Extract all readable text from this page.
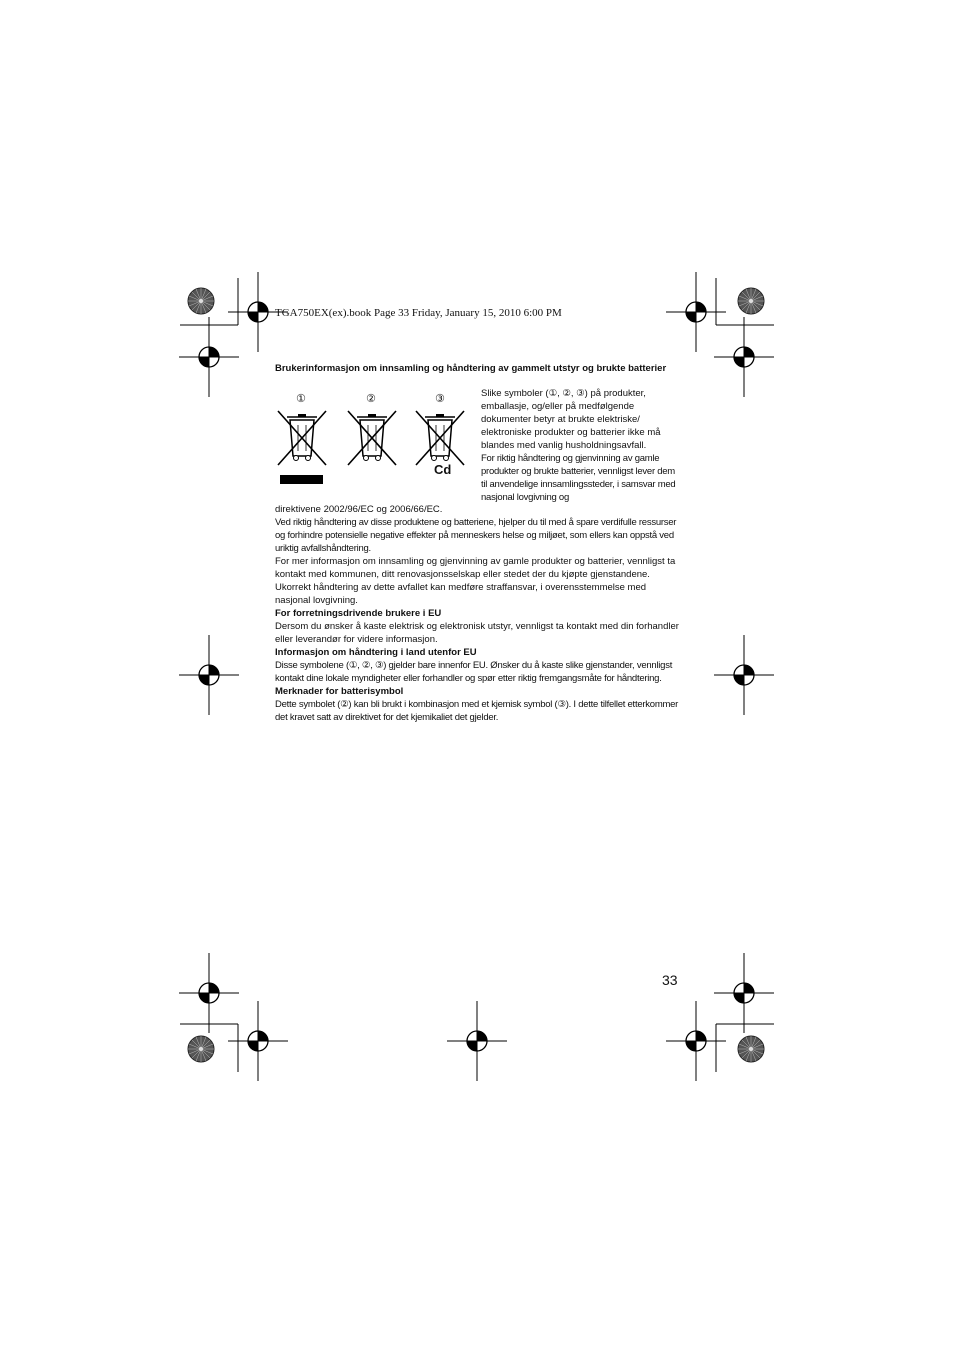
TGA750EX(ex).book Page 33 Friday, January 15, 2010 6:00 PM
Brukerinformasjon om innsamling og håndtering av gammelt utstyr og brukte batterier
①	②	③
Cd

Slike symboler (①, ②, ③) på produkter, emballasje, og/eller på medfølgende dokumenter betyr at brukte elektriske/ elektroniske produkter og batterier ikke må blandes med vanlig husholdningsavfall.

For riktig håndtering og gjenvinning av gamle produkter og brukte batterier, vennligst lever dem til anvendelige innsamlingssteder, i samsvar med nasjonal lovgivning og

direktivene 2002/96/EC og 2006/66/EC.

Ved riktig håndtering av disse produktene og batteriene, hjelper du til med å spare verdifulle ressurser og forhindre potensielle negative effekter på menneskers helse og miljøet, som ellers kan oppstå ved uriktig avfallshåndtering.

For mer informasjon om innsamling og gjenvinning av gamle produkter og batterier, vennligst ta kontakt med kommunen, ditt renovasjonsselskap eller stedet der du kjøpte gjenstandene.

Ukorrekt håndtering av dette avfallet kan medføre straffansvar, i overensstemmelse med nasjonal lovgivning.

For forretningsdrivende brukere i EU

Dersom du ønsker å kaste elektrisk og elektronisk utstyr, vennligst ta kontakt med din forhandler eller leverandør for videre informasjon.

Informasjon om håndtering i land utenfor EU

Disse symbolene (①, ②, ③) gjelder bare innenfor EU. Ønsker du å kaste slike gjenstander, vennligst kontakt dine lokale myndigheter eller forhandler og spør etter riktig fremgangsmåte for håndtering.

Merknader for batterisymbol

Dette symbolet (②) kan bli brukt i kombinasjon med et kjemisk symbol (③). I dette tilfellet etterkommer det kravet satt av direktivet for det kjemikaliet det gjelder.

33
